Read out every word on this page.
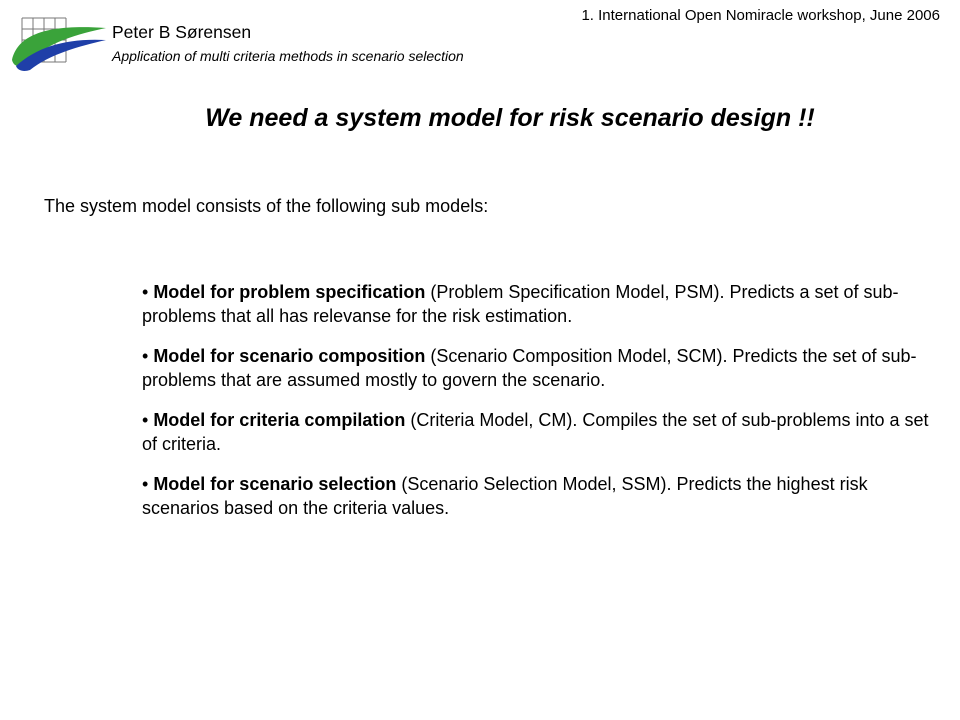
1. International Open Nomiracle workshop, June 2006
Peter B Sørensen
Application of multi criteria methods in scenario selection
We need a system model for risk scenario design !!
The system model consists of the following sub models:
• Model for problem specification (Problem Specification Model, PSM). Predicts a set of sub-problems that all has relevanse for the risk estimation.
• Model for scenario composition (Scenario Composition Model, SCM). Predicts the set of sub-problems that are assumed mostly to govern the scenario.
• Model for criteria compilation (Criteria Model, CM). Compiles the set of sub-problems into a set of criteria.
• Model for scenario selection (Scenario Selection Model, SSM). Predicts the highest risk scenarios based on the criteria values.
